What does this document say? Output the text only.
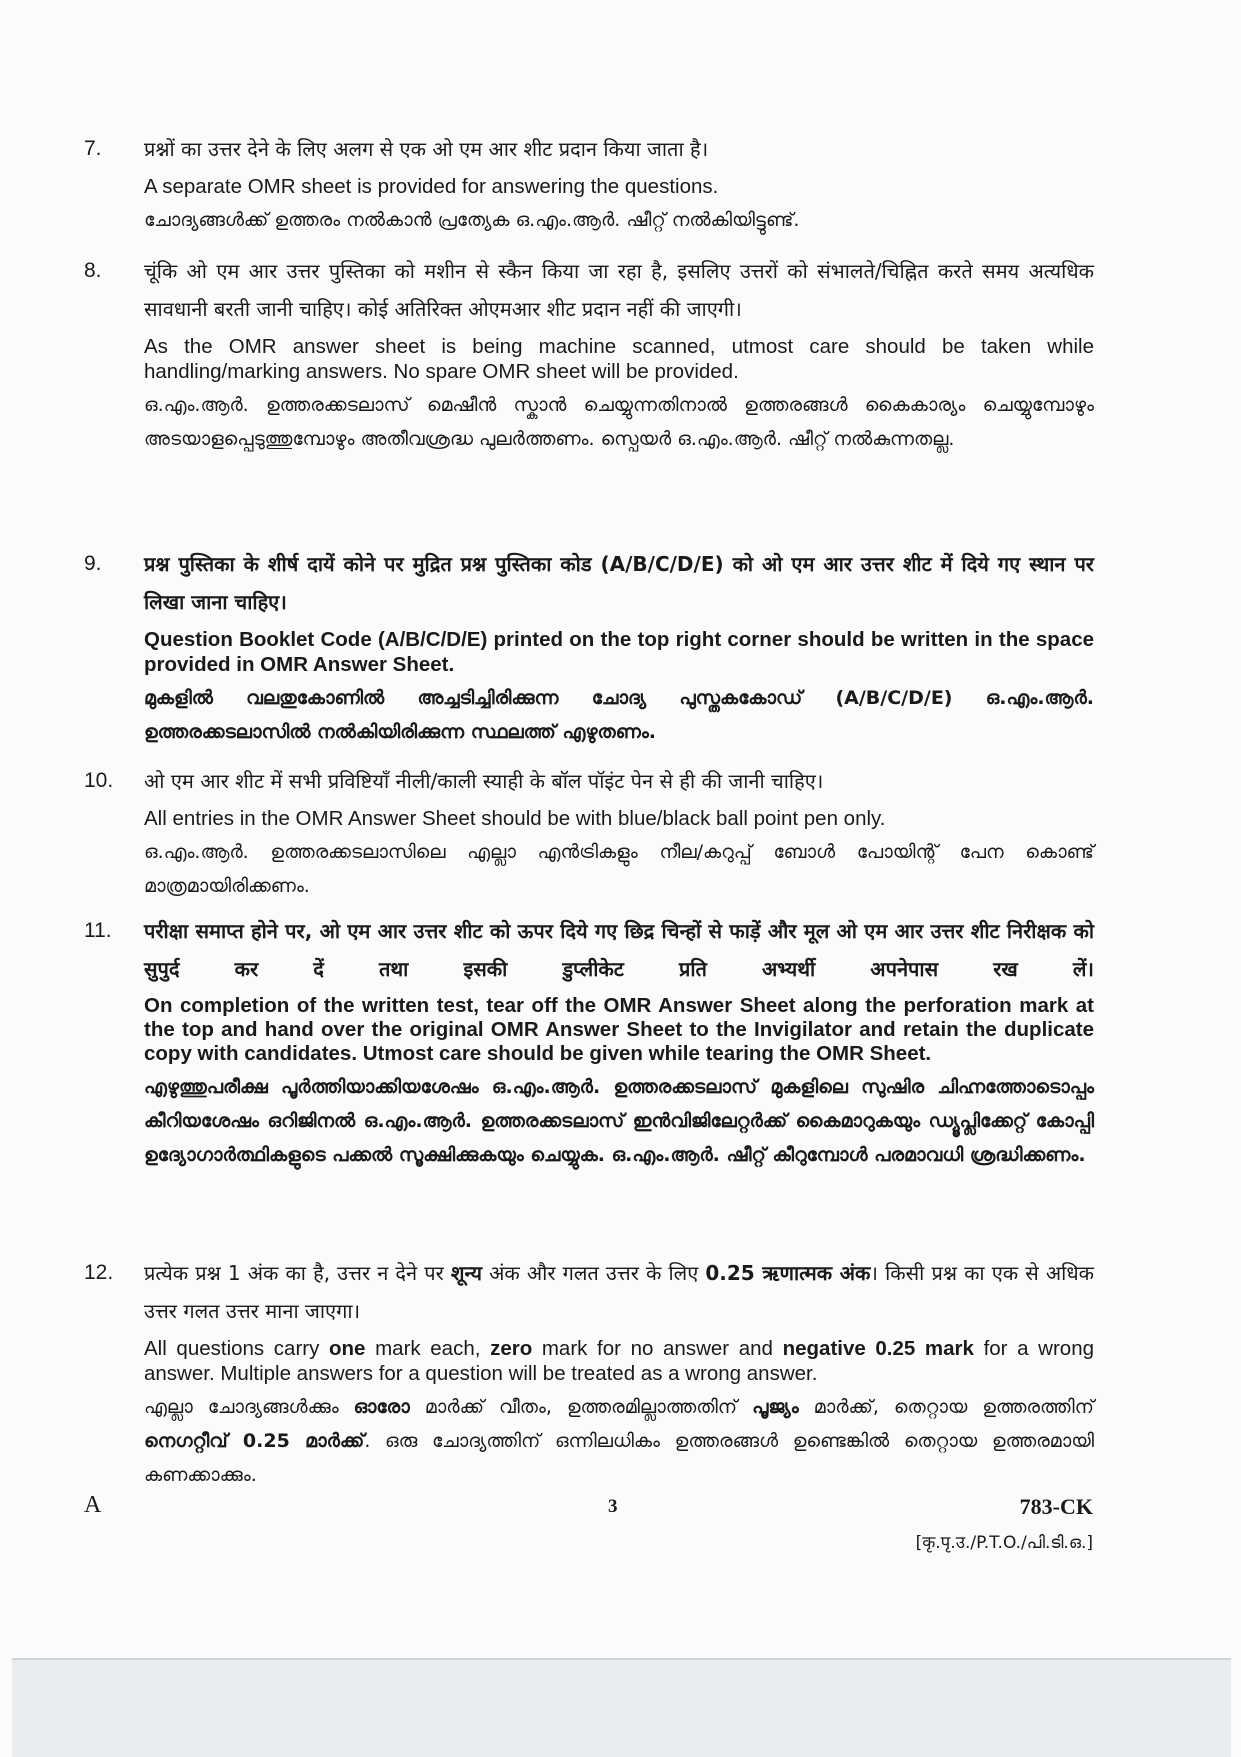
7. प्रश्नों का उत्तर देने के लिए अलग से एक ओ एम आर शीट प्रदान किया जाता है।
A separate OMR sheet is provided for answering the questions.
ചോദ്യങ്ങൾക്ക് ഉത്തരം നൽകാൻ പ്രത്യേക ഒ.എം.ആർ. ഷീറ്റ് നൽകിയിട്ടുണ്ട്.
8. चूंकि ओ एम आर उत्तर पुस्तिका को मशीन से स्कैन किया जा रहा है, इसलिए उत्तरों को संभालते/चिह्नित करते समय अत्यधिक सावधानी बरती जानी चाहिए। कोई अतिरिक्त ओएमआर शीट प्रदान नहीं की जाएगी।
As the OMR answer sheet is being machine scanned, utmost care should be taken while handling/marking answers. No spare OMR sheet will be provided.
ഒ.എം.ആർ. ഉത്തരക്കടലാസ് മെഷീൻ സ്കാൻ ചെയ്യുന്നതിനാൽ ഉത്തരങ്ങൾ കൈകാര്യം ചെയ്യുമ്പോഴും അടയാളപ്പെടുത്തുമ്പോഴും അതീവശ്രദ്ധ പുലർത്തണം. സ്പെയർ ഒ.എം.ആർ. ഷീറ്റ് നൽകുന്നതല്ല.
9. प्रश्न पुस्तिका के शीर्ष दायें कोने पर मुद्रित प्रश्न पुस्तिका कोड (A/B/C/D/E) को ओ एम आर उत्तर शीट में दिये गए स्थान पर लिखा जाना चाहिए।
Question Booklet Code (A/B/C/D/E) printed on the top right corner should be written in the space provided in OMR Answer Sheet.
മുകളിൽ വലതുകോണിൽ അച്ചടിച്ചിരിക്കുന്ന ചോദ്യ പുസ്തകകോഡ് (A/B/C/D/E) ഒ.എം.ആർ. ഉത്തരക്കടലാസിൽ നൽകിയിരിക്കുന്ന സ്ഥലത്ത് എഴുതണം.
10. ओ एम आर शीट में सभी प्रविष्टियाँ नीली/काली स्याही के बॉल पॉइंट पेन से ही की जानी चाहिए।
All entries in the OMR Answer Sheet should be with blue/black ball point pen only.
ഒ.എം.ആർ. ഉത്തരക്കടലാസിലെ എല്ലാ എൻട്രികളും നീല/കറുപ്പ് ബോൾ പോയിന്റ് പേന കൊണ്ട് മാത്രമായിരിക്കണം.
11. परीक्षा समाप्त होने पर, ओ एम आर उत्तर शीट को ऊपर दिये गए छिद्र चिन्हों से फाड़ें और मूल ओ एम आर उत्तर शीट निरीक्षक को सुपुर्द कर दें तथा इसकी डुप्लीकेट प्रति अभ्यर्थी अपनेपास रख लें।
On completion of the written test, tear off the OMR Answer Sheet along the perforation mark at the top and hand over the original OMR Answer Sheet to the Invigilator and retain the duplicate copy with candidates. Utmost care should be given while tearing the OMR Sheet.
എഴുത്തുപരീക്ഷ പൂർത്തിയാക്കിയശേഷം ഒ.എം.ആർ. ഉത്തരക്കടലാസ് മുകളിലെ സുഷിര ചിഹ്നത്തോടൊപ്പം കീറിയശേഷം ഒറിജിനൽ ഒ.എം.ആർ. ഉത്തരക്കടലാസ് ഇൻവിജിലേറ്റർക്ക് കൈമാറുകയും ഡ്യൂപ്ലിക്കേറ്റ് കോപ്പി ഉദ്യോഗാർത്ഥികളുടെ പക്കൽ സൂക്ഷിക്കുകയും ചെയ്യുക. ഒ.എം.ആർ. ഷീറ്റ് കീറുമ്പോൾ പരമാവധി ശ്രദ്ധിക്കണം.
12. प्रत्येक प्रश्न 1 अंक का है, उत्तर न देने पर शून्य अंक और गलत उत्तर के लिए 0.25 ऋणात्मक अंक। किसी प्रश्न का एक से अधिक उत्तर गलत उत्तर माना जाएगा।
All questions carry one mark each, zero mark for no answer and negative 0.25 mark for a wrong answer. Multiple answers for a question will be treated as a wrong answer.
എല്ലാ ചോദ്യങ്ങൾക്കും ഓരോ മാർക്ക് വീതം, ഉത്തരമില്ലാത്തതിന് പൂജ്യം മാർക്ക്, തെറ്റായ ഉത്തരത്തിന് നെഗറ്റീവ് 0.25 മാർക്ക്. ഒരു ചോദ്യത്തിന് ഒന്നിലധികം ഉത്തരങ്ങൾ ഉണ്ടെങ്കിൽ തെറ്റായ ഉത്തരമായി കണക്കാക്കും.
A	3	783-CK
[कृ.पृ.उ./P.T.O./പി.ടി.ഒ.]
